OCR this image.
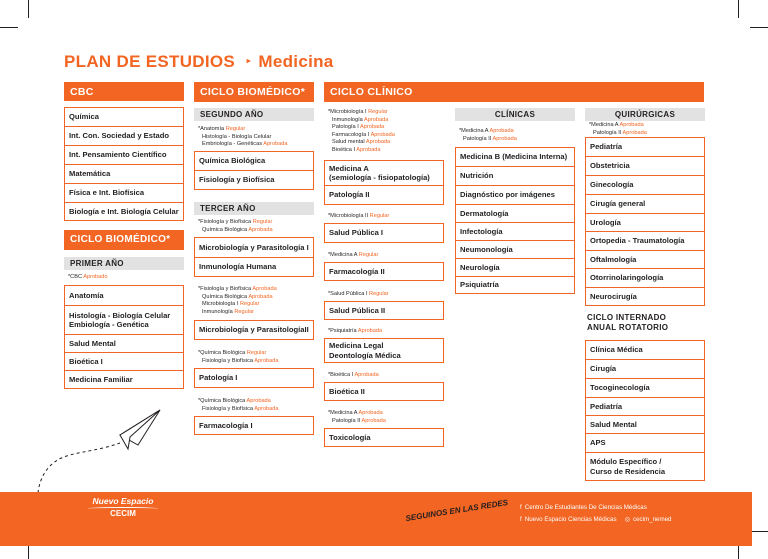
PLAN DE ESTUDIOS ‣ Medicina
CBC
Química
Int. Con. Sociedad y Estado
Int. Pensamiento Científico
Matemática
Física e Int. Biofísica
Biología e Int. Biología Celular
CICLO BIOMÉDICO*
PRIMER AÑO
*CBC Aprobado
Anatomía
Histología - Biología Celular
Embiología - Genética
Salud Mental
Bioética I
Medicina Familiar
CICLO BIOMÉDICO*
SEGUNDO AÑO
*Anatomía Regular
Histología - Biología Celular
Embriología - Genéticas Aprobada
Química Biológica
Fisiología y Biofísica
TERCER AÑO
*Fisiología y Biofísica Regular
Química Biológica Aprobada
Microbiología y Parasitología I
Inmunología Humana
*Fisiología y Biofísica Aprobada
Química Biológica Aprobada
Microbiología I Regular
Inmunología Regular
Microbiología y ParasitologíaII
*Química Biológica Regular
Fisiología y Biofísica Aprobada
Patología I
*Química Biológica Aprobada
Fisiología y Biofísica Aprobada
Farmacología I
CICLO CLÍNICO
*Microbiología I Regular
Inmunología Aprobada
Patología I Aprobada
Farmacología I Aprobada
Salud mental Aprobada
Bioética I Aprobada
Medicina A
(semiología - fisiopatología)
Patología II
*Microbiología II Regular
Salud Pública I
*Medicina A Regular
Farmacología II
*Salud Pública I Regular
Salud Pública II
*Psiquiatría Aprobada
Medicina Legal
Deontología Médica
*Bioética I Aprobada
Bioética II
*Medicina A Aprobada
Patología II Aprobada
Toxicología
CLÍNICAS
*Medicina A Aprobada
Patología II Aprobada
Medicina B (Medicina Interna)
Nutrición
Diagnóstico por imágenes
Dermatología
Infectología
Neumonología
Neurología
Psiquiatría
QUIRÚRGICAS
*Medicina A Aprobada
Patología II Aprobada
Pediatría
Obstetricia
Ginecología
Cirugía general
Urología
Ortopedia - Traumatología
Oftalmología
Otorrinolaringología
Neurocirugía
CICLO INTERNADO
ANUAL ROTATORIO
Clínica Médica
Cirugía
Tocoginecología
Pediatría
Salud Mental
APS
Módulo Específico /
Curso de Residencia
Nuevo Espacio
CECIM	SEGUINOS EN LAS REDES f Centro De Estudiantes De Ciencias Médicas
f Nuevo Espacio Ciencias Médicas ◎ cecim_nemed
